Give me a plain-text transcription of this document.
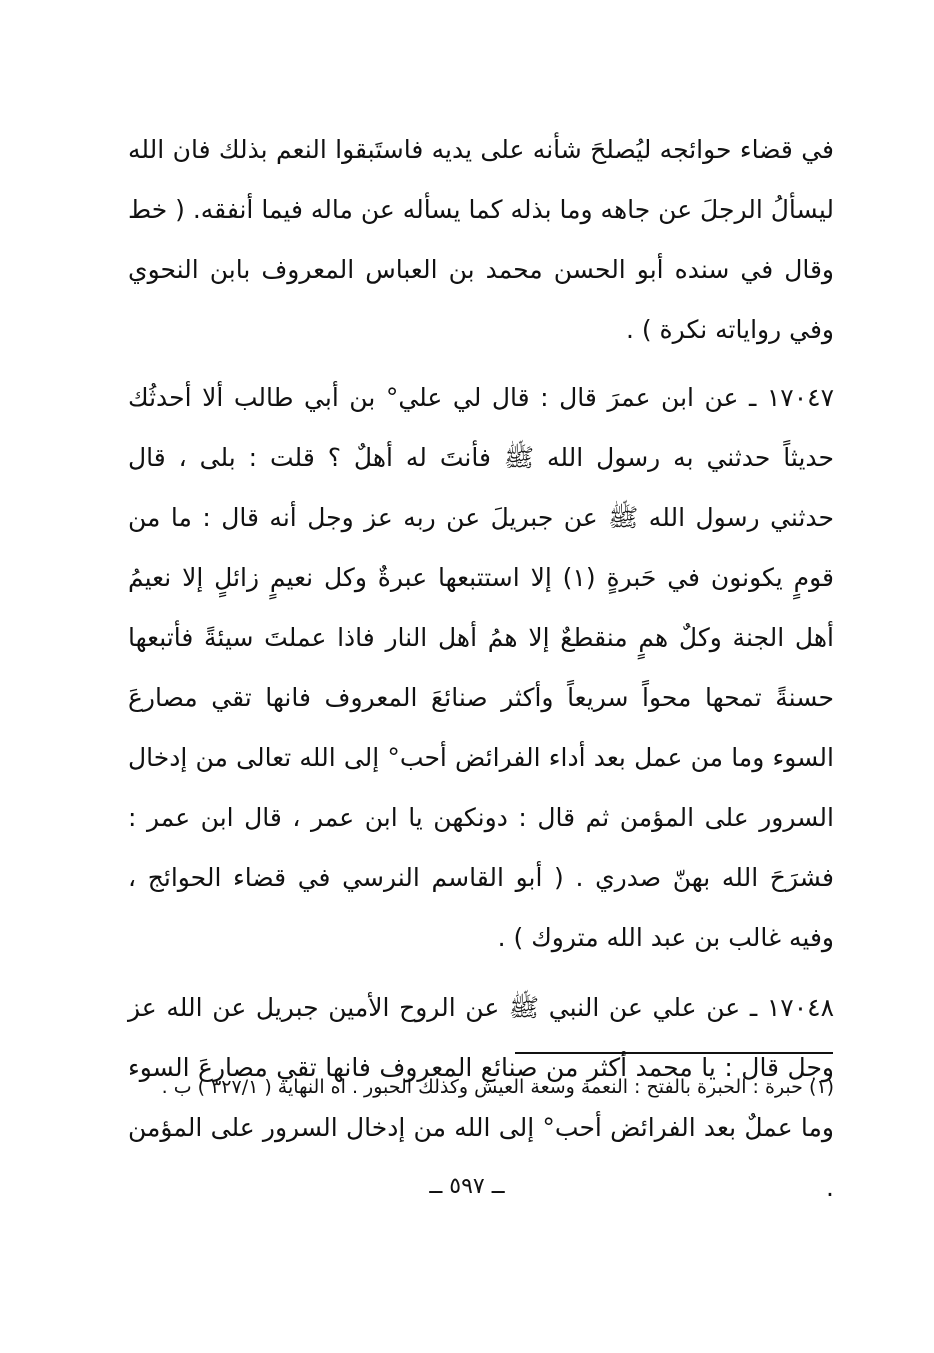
في قضاء حوائجه ليُصلحَ شأنه على يديه فاستَبقوا النعم بذلك فان الله ليسألُ الرجلَ عن جاهه وما بذله كما يسأله عن ماله فيما أنفقه. ( خط وقال في سنده أبو الحسن محمد بن العباس المعروف بابن النحوي وفي رواياته نكرة ) .

١٧٠٤٧ ـ عن ابن عمرَ قال : قال لي علي° بن أبي طالب ألا أحدثُك حديثاً حدثني به رسول الله ﷺ فأنتَ له أهلٌ ؟ قلت : بلى ، قال حدثني رسول الله ﷺ عن جبريلَ عن ربه عز وجل أنه قال : ما من قومٍ يكونون في حَبرةٍ (١) إلا استتبعها عبرةٌ وكل نعيمٍ زائلٍ إلا نعيمُ أهل الجنة وكلٌ همٍ منقطعٌ إلا همُ أهل النار فاذا عملتَ سيئةً فأتبعها حسنةً تمحها محواً سريعاً وأكثر صنائعَ المعروف فانها تقي مصارعَ السوء وما من عمل بعد أداء الفرائض أحب° إلى الله تعالى من إدخال السرور على المؤمن ثم قال : دونكهن يا ابن عمر ، قال ابن عمر : فشرَحَ الله بهنّ صدري . ( أبو القاسم النرسي في قضاء الحوائج ، وفيه غالب بن عبد الله متروك ) .

١٧٠٤٨ ـ عن علي عن النبي ﷺ عن الروح الأمين جبريل عن الله عز وجل قال : يا محمد أكثر من صنائع المعروف فانها تقي مصارعَ السوء وما عملٌ بعد الفرائض أحب° إلى الله من إدخال السرور على المؤمن .

(١) حبرة : الحبرة بالفتح : النعمة وسعة العيش وكذلك الحبور . اه النهاية ( ٣٢٧/١ ) ب .
ــ ٥٩٧ ــ
